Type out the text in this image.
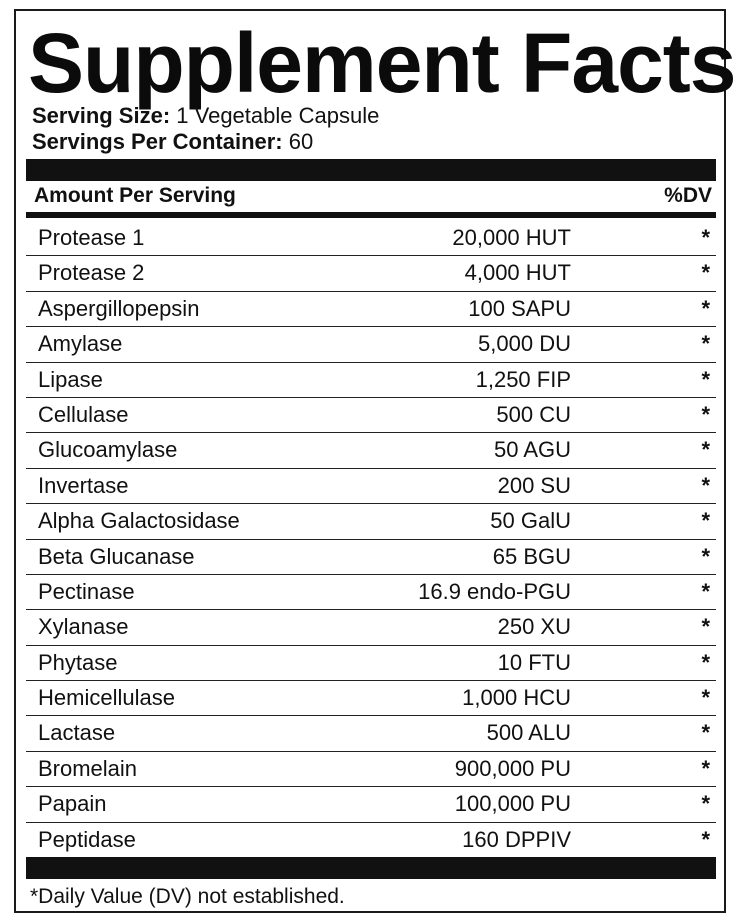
Supplement Facts
Serving Size: 1 Vegetable Capsule
Servings Per Container: 60
Amount Per Serving	%DV
Protease 1	20,000 HUT	*
Protease 2	4,000 HUT	*
Aspergillopepsin	100 SAPU	*
Amylase	5,000 DU	*
Lipase	1,250 FIP	*
Cellulase	500 CU	*
Glucoamylase	50 AGU	*
Invertase	200 SU	*
Alpha Galactosidase	50 GalU	*
Beta Glucanase	65 BGU	*
Pectinase	16.9 endo-PGU	*
Xylanase	250 XU	*
Phytase	10 FTU	*
Hemicellulase	1,000 HCU	*
Lactase	500 ALU	*
Bromelain	900,000 PU	*
Papain	100,000 PU	*
Peptidase	160 DPPIV	*
*Daily Value (DV) not established.
